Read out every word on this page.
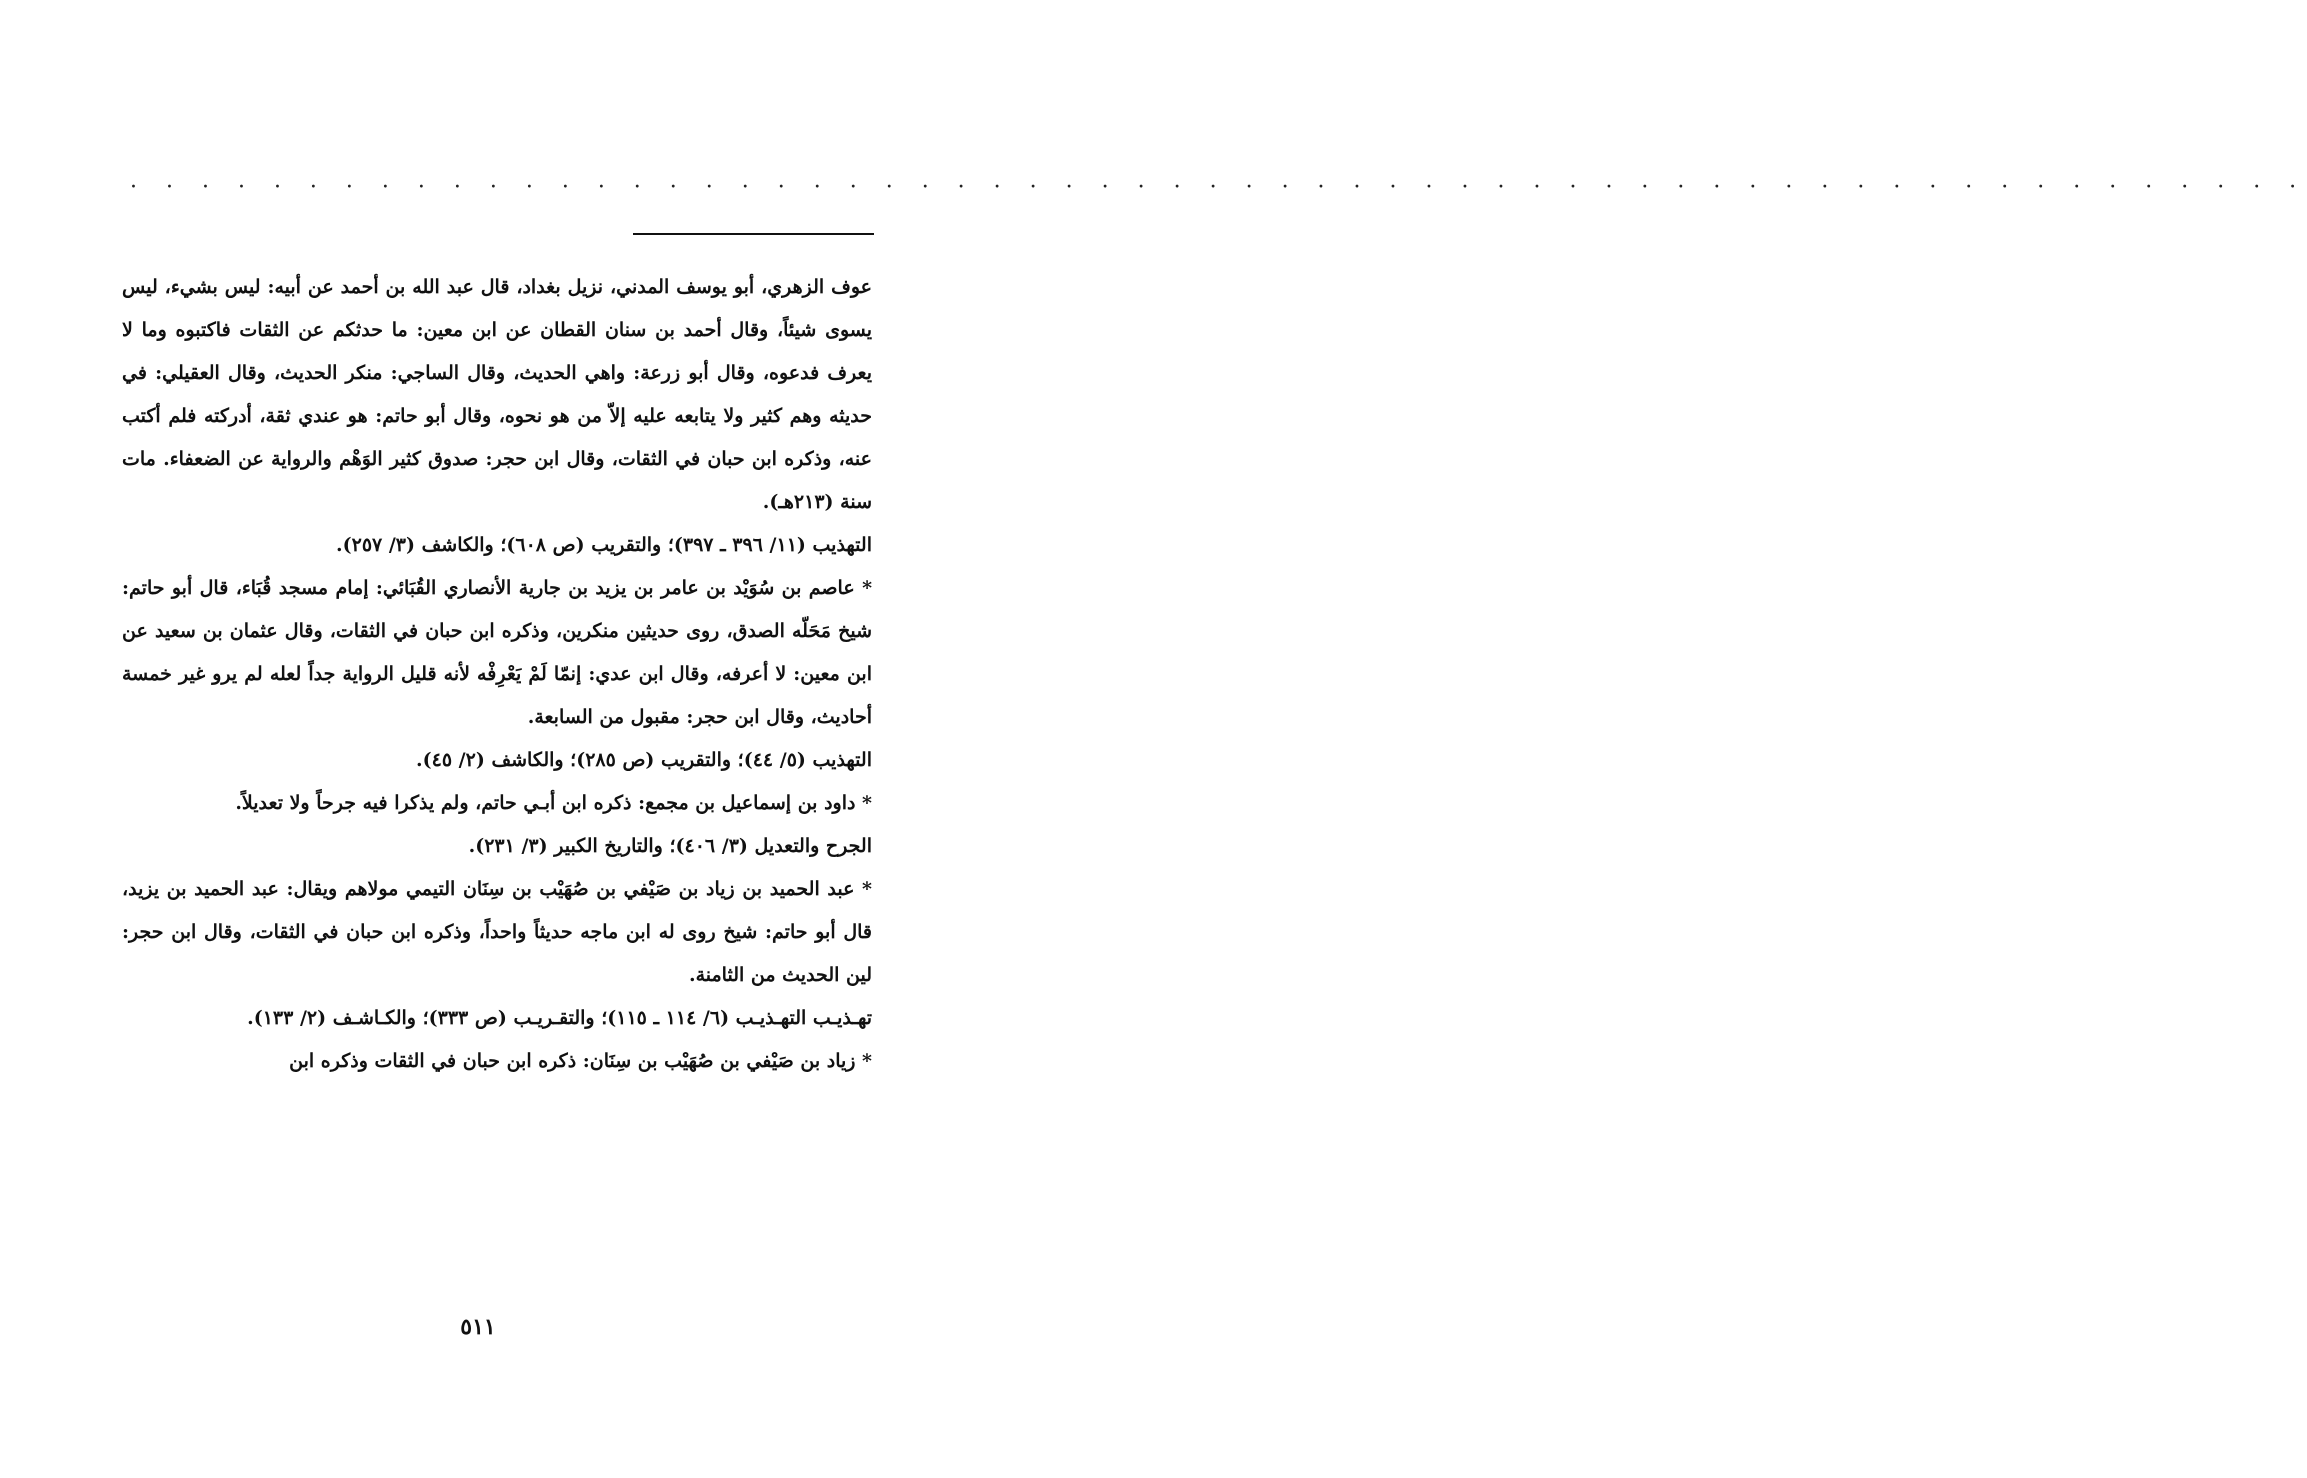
· · · · · · · · · · · · · · · · · · · · · · · · · · · · · · · · · · · · · · · · · · · · · · · · · · · · · · · · · · · · ·

عوف الزهري، أبو يوسف المدني، نزيل بغداد، قال عبد الله بن أحمد عن أبيه: ليس بشيء، ليس يسوى شيئاً، وقال أحمد بن سنان القطان عن ابن معين: ما حدثكم عن الثقات فاكتبوه وما لا يعرف فدعوه، وقال أبو زرعة: واهي الحديث، وقال الساجي: منكر الحديث، وقال العقيلي: في حديثه وهم كثير ولا يتابعه عليه إلاّ من هو نحوه، وقال أبو حاتم: هو عندي ثقة، أدركته فلم أكتب عنه، وذكره ابن حبان في الثقات، وقال ابن حجر: صدوق كثير الوَهْم والرواية عن الضعفاء. مات سنة (٢١٣هـ).

التهذيب (١١/ ٣٩٦ ـ ٣٩٧)؛ والتقريب (ص ٦٠٨)؛ والكاشف (٣/ ٢٥٧).

* عاصم بن سُوَيْد بن عامر بن يزيد بن جارية الأنصاري القُبَائي: إمام مسجد قُبَاء، قال أبو حاتم: شيخ مَحَلّه الصدق، روى حديثين منكرين، وذكره ابن حبان في الثقات، وقال عثمان بن سعيد عن ابن معين: لا أعرفه، وقال ابن عدي: إنمّا لَمْ يَعْرِفْه لأنه قليل الرواية جداً لعله لم يرو غير خمسة أحاديث، وقال ابن حجر: مقبول من السابعة.

التهذيب (٥/ ٤٤)؛ والتقريب (ص ٢٨٥)؛ والكاشف (٢/ ٤٥).

* داود بن إسماعيل بن مجمع: ذكره ابن أبـي حاتم، ولم يذكرا فيه جرحاً ولا تعديلاً.

الجرح والتعديل (٣/ ٤٠٦)؛ والتاريخ الكبير (٣/ ٢٣١).

* عبد الحميد بن زياد بن صَيْفي بن صُهَيْب بن سِنَان التيمي مولاهم ويقال: عبد الحميد بن يزيد، قال أبو حاتم: شيخ روى له ابن ماجه حديثاً واحداً، وذكره ابن حبان في الثقات، وقال ابن حجر: لين الحديث من الثامنة.

تهـذيـب التهـذيـب (٦/ ١١٤ ـ ١١٥)؛ والتقـريـب (ص ٣٣٣)؛ والكـاشـف (٢/ ١٣٣).

* زياد بن صَيْفي بن صُهَيْب بن سِنَان: ذكره ابن حبان في الثقات وذكره ابن

٥١١
